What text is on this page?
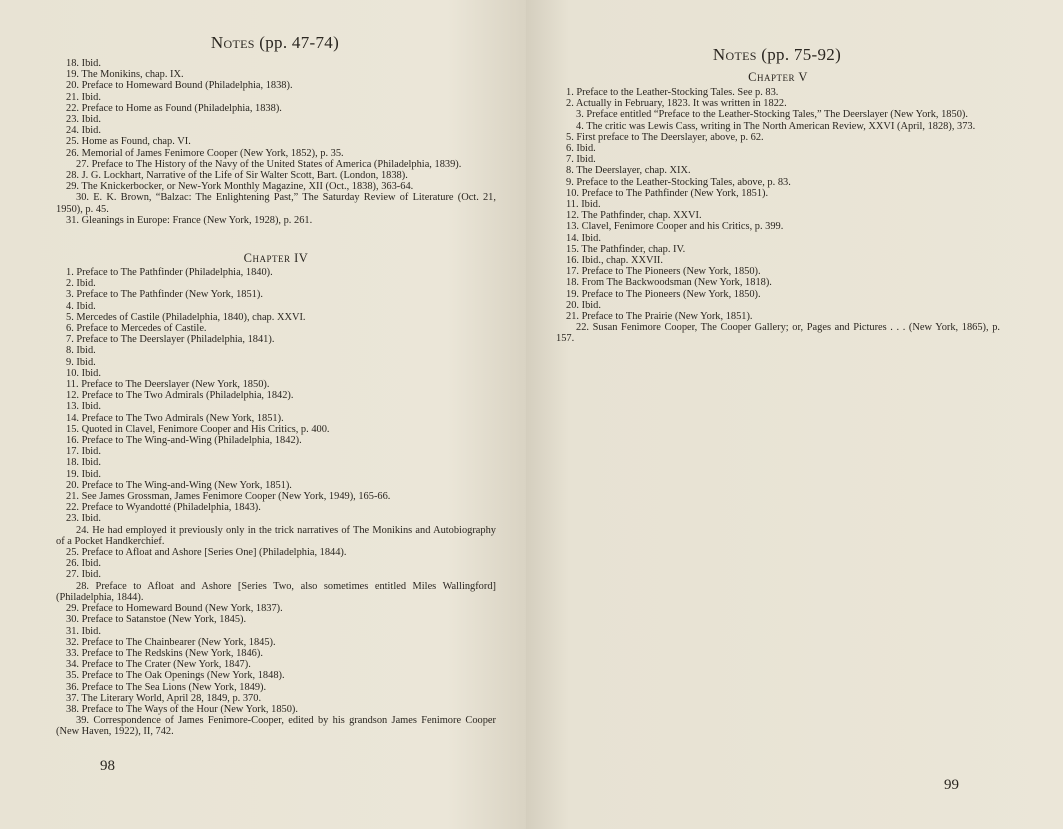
Notes (pp. 47-74)
18. Ibid.
19. The Monikins, chap. IX.
20. Preface to Homeward Bound (Philadelphia, 1838).
21. Ibid.
22. Preface to Home as Found (Philadelphia, 1838).
23. Ibid.
24. Ibid.
25. Home as Found, chap. VI.
26. Memorial of James Fenimore Cooper (New York, 1852), p. 35.
27. Preface to The History of the Navy of the United States of America (Philadelphia, 1839).
28. J. G. Lockhart, Narrative of the Life of Sir Walter Scott, Bart. (London, 1838).
29. The Knickerbocker, or New-York Monthly Magazine, XII (Oct., 1838), 363-64.
30. E. K. Brown, “Balzac: The Enlightening Past,” The Saturday Review of Literature (Oct. 21, 1950), p. 45.
31. Gleanings in Europe: France (New York, 1928), p. 261.
Chapter IV
1. Preface to The Pathfinder (Philadelphia, 1840).
2. Ibid.
3. Preface to The Pathfinder (New York, 1851).
4. Ibid.
5. Mercedes of Castile (Philadelphia, 1840), chap. XXVI.
6. Preface to Mercedes of Castile.
7. Preface to The Deerslayer (Philadelphia, 1841).
8. Ibid.
9. Ibid.
10. Ibid.
11. Preface to The Deerslayer (New York, 1850).
12. Preface to The Two Admirals (Philadelphia, 1842).
13. Ibid.
14. Preface to The Two Admirals (New York, 1851).
15. Quoted in Clavel, Fenimore Cooper and His Critics, p. 400.
16. Preface to The Wing-and-Wing (Philadelphia, 1842).
17. Ibid.
18. Ibid.
19. Ibid.
20. Preface to The Wing-and-Wing (New York, 1851).
21. See James Grossman, James Fenimore Cooper (New York, 1949), 165-66.
22. Preface to Wyandotté (Philadelphia, 1843).
23. Ibid.
24. He had employed it previously only in the trick narratives of The Monikins and Autobiography of a Pocket Handkerchief.
25. Preface to Afloat and Ashore [Series One] (Philadelphia, 1844).
26. Ibid.
27. Ibid.
28. Preface to Afloat and Ashore [Series Two, also sometimes entitled Miles Wallingford] (Philadelphia, 1844).
29. Preface to Homeward Bound (New York, 1837).
30. Preface to Satanstoe (New York, 1845).
31. Ibid.
32. Preface to The Chainbearer (New York, 1845).
33. Preface to The Redskins (New York, 1846).
34. Preface to The Crater (New York, 1847).
35. Preface to The Oak Openings (New York, 1848).
36. Preface to The Sea Lions (New York, 1849).
37. The Literary World, April 28, 1849, p. 370.
38. Preface to The Ways of the Hour (New York, 1850).
39. Correspondence of James Fenimore-Cooper, edited by his grandson James Fenimore Cooper (New Haven, 1922), II, 742.
98
Notes (pp. 75-92)
Chapter V
1. Preface to the Leather-Stocking Tales. See p. 83.
2. Actually in February, 1823. It was written in 1822.
3. Preface entitled “Preface to the Leather-Stocking Tales,” The Deerslayer (New York, 1850).
4. The critic was Lewis Cass, writing in The North American Review, XXVI (April, 1828), 373.
5. First preface to The Deerslayer, above, p. 62.
6. Ibid.
7. Ibid.
8. The Deerslayer, chap. XIX.
9. Preface to the Leather-Stocking Tales, above, p. 83.
10. Preface to The Pathfinder (New York, 1851).
11. Ibid.
12. The Pathfinder, chap. XXVI.
13. Clavel, Fenimore Cooper and his Critics, p. 399.
14. Ibid.
15. The Pathfinder, chap. IV.
16. Ibid., chap. XXVII.
17. Preface to The Pioneers (New York, 1850).
18. From The Backwoodsman (New York, 1818).
19. Preface to The Pioneers (New York, 1850).
20. Ibid.
21. Preface to The Prairie (New York, 1851).
22. Susan Fenimore Cooper, The Cooper Gallery; or, Pages and Pictures . . . (New York, 1865), p. 157.
99
